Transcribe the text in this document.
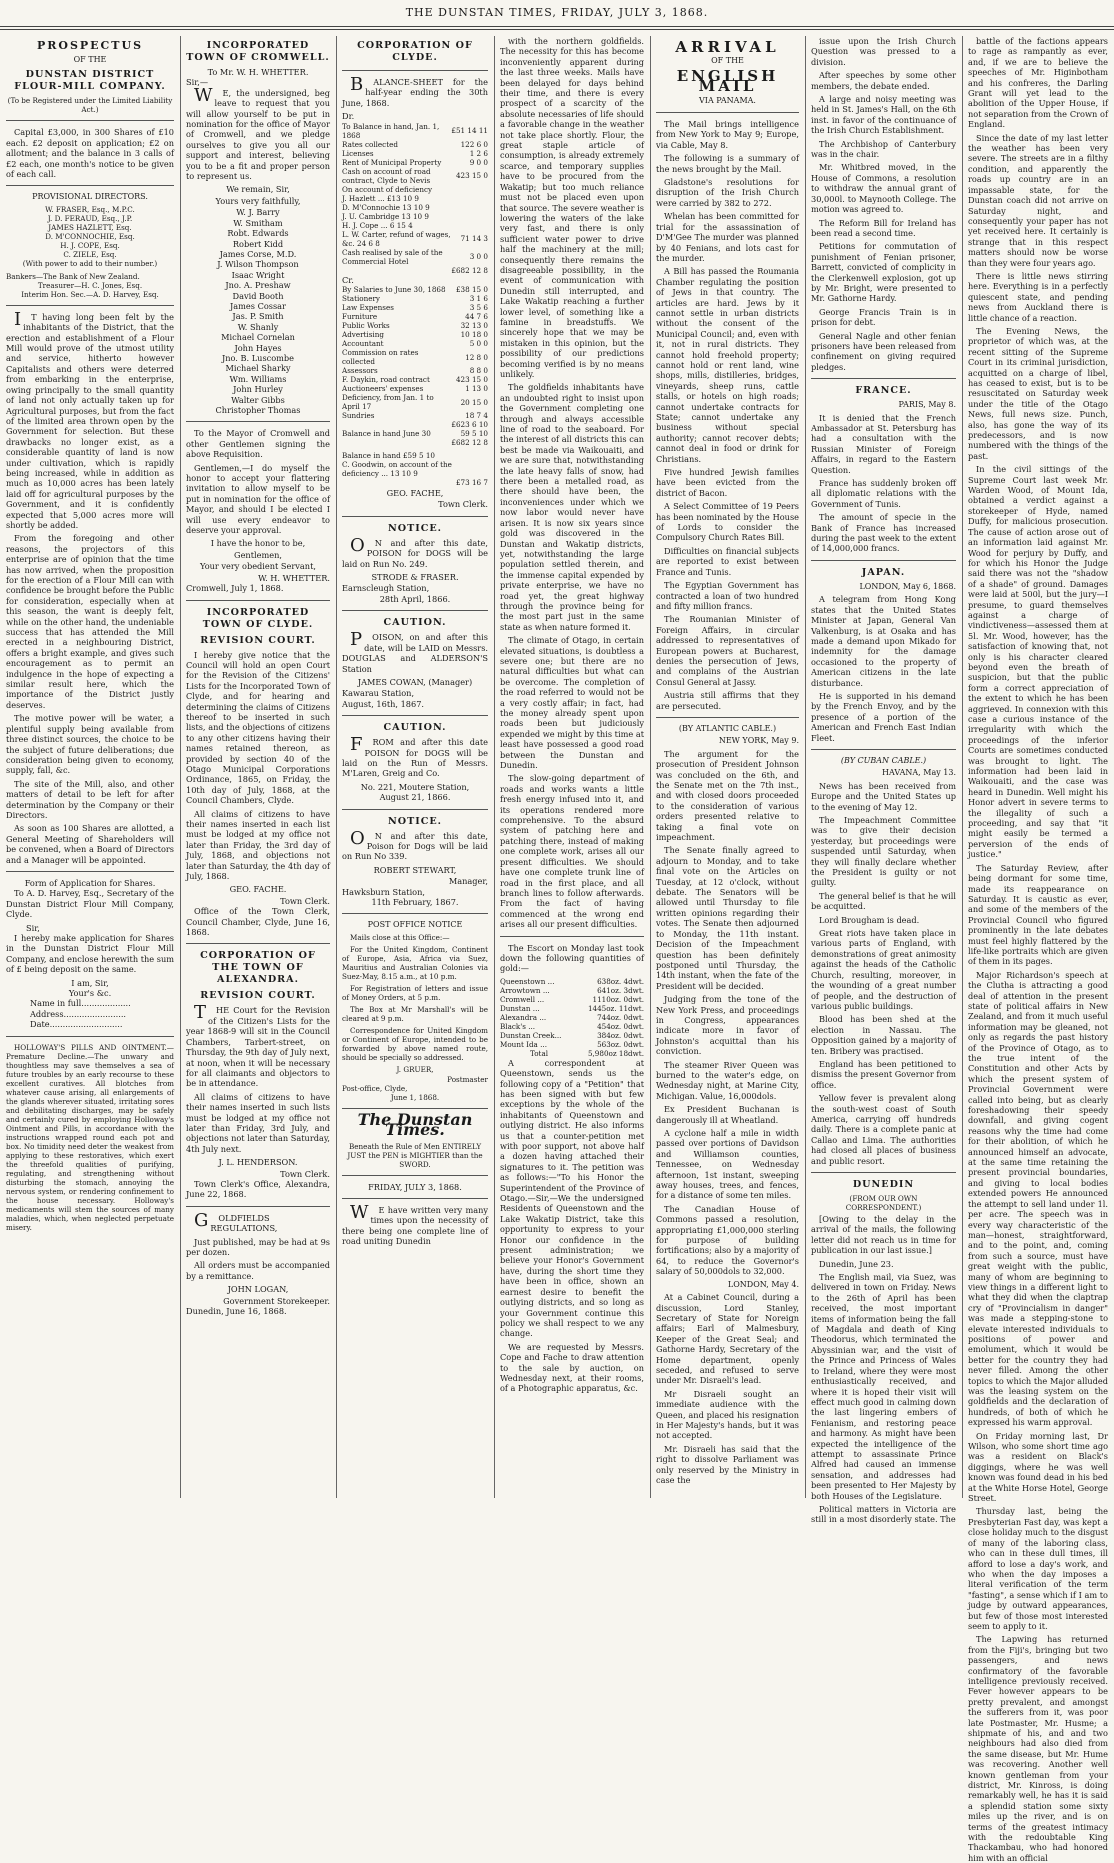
THE DUNSTAN TIMES, FRIDAY, JULY 3, 1868.
PROSPECTUS
OF THE
DUNSTAN DISTRICT FLOUR-MILL COMPANY.
(To be Registered under the Limited Liability Act.)

Capital £3,000, in 300 Shares of £10 each. £2 deposit on application; £2 on allotment; and the balance in 3 calls of £2 each, one month's notice to be given of each call.

PROVISIONAL DIRECTORS.
W. FRASER, Esq., M.P.C.
J. D. FERAUD, Esq., J.P.
JAMES HAZLETT, Esq.
D. M'CONNOCHIE, Esq.
H. J. COPE, Esq.
C. ZIELE, Esq.
(With power to add to their number.)
Bankers—The Bank of New Zealand.
Treasurer—H. C. Jones, Esq.
Interim Hon. Sec.—A. D. Harvey, Esq.

IT having long been felt by the inhabitants of the District, that the erection and establishment of a Flour Mill would prove of the utmost utility and service, hitherto however Capitalists and others were deterred from embarking in the enterprise, owing principally to the small quantity of land not only actually taken up for Agricultural purposes, but from the fact of the limited area thrown open by the Government for selection. But these drawbacks no longer exist, as a considerable quantity of land is now under cultivation, which is rapidly being increased, while in addition as much as 10,000 acres has been lately laid off for agricultural purposes by the Government, and it is confidently expected that 5,000 acres more will shortly be added.

From the foregoing and other reasons, the projectors of this enterprise are of opinion that the time has now arrived, when the proposition for the erection of a Flour Mill can with confidence be brought before the Public for consideration, especially when at this season, the want is deeply felt, while on the other hand, the undeniable success that has attended the Mill erected in a neighbouring District, offers a bright example, and gives such encouragement as to permit an indulgence in the hope of expecting a similar result here, which the importance of the District justly deserves.

The motive power will be water, a plentiful supply being available from three distinct sources, the choice to be the subject of future deliberations; due consideration being given to economy, supply, fall, &c.

The site of the Mill, also, and other matters of detail to be left for after determination by the Company or their Directors.

As soon as 100 Shares are allotted, a General Meeting of Shareholders will be convened, when a Board of Directors and a Manager will be appointed.

Form of Application for Shares.

To A. D. Harvey, Esq., Secretary of the Dunstan District Flour Mill Company, Clyde.

Sir,

I hereby make application for Shares in the Dunstan District Flour Mill Company, and enclose herewith the sum of £ being deposit on the same.

I am, Sir,
Your's &c.
Name in full...................
Address........................
Date............................

HOLLOWAY'S PILLS AND OINTMENT.—Premature Decline.—The unwary and thoughtless may save themselves a sea of future troubles by an early recourse to these excellent curatives. All blotches from whatever cause arising, all enlargements of the glands wherever situated, irritating sores and debilitating discharges, may be safely and certainly cured by employing Holloway's Ointment and Pills, in accordance with the instructions wrapped round each pot and box. No timidity need deter the weakest from applying to these restoratives, which exert the threefold qualities of purifying, regulating, and strengthening without disturbing the stomach, annoying the nervous system, or rendering confinement to the house necessary. Holloway's medicaments will stem the sources of many maladies, which, when neglected perpetuate misery.

INCORPORATED TOWN OF CROMWELL.
To Mr. W. H. WHETTER.
Sir,—

WE, the undersigned, beg leave to request that you will allow yourself to be put in nomination for the office of Mayor of Cromwell, and we pledge ourselves to give you all our support and interest, believing you to be a fit and proper person to represent us.

We remain, Sir,
Yours very faithfully,
W. J. Barry
W. Smitham
Robt. Edwards
Robert Kidd
James Corse, M.D.
J. Wilson Thompson
Isaac Wright
Jno. A. Preshaw
David Booth
James Cossar
Jas. P. Smith
W. Shanly
Michael Cornelan
John Hayes
Jno. B. Luscombe
Michael Sharky
Wm. Williams
John Hurley
Walter Gibbs
Christopher Thomas

To the Mayor of Cromwell and other Gentlemen signing the above Requisition.

Gentlemen,—I do myself the honor to accept your flattering invitation to allow myself to be put in nomination for the office of Mayor, and should I be elected I will use every endeavor to deserve your approval.

I have the honor to be,
Gentlemen,
Your very obedient Servant,
W. H. WHETTER.
Cromwell, July 1, 1868.
INCORPORATED TOWN OF CLYDE.
REVISION COURT.

I hereby give notice that the Council will hold an open Court for the Revision of the Citizens' Lists for the Incorporated Town of Clyde, and for hearing and determining the claims of Citizens thereof to be inserted in such lists, and the objections of citizens to any other citizens having their names retained thereon, as provided by section 40 of the Otago Municipal Corporations Ordinance, 1865, on Friday, the 10th day of July, 1868, at the Council Chambers, Clyde.

All claims of citizens to have their names inserted in each list must be lodged at my office not later than Friday, the 3rd day of July, 1868, and objections not later than Saturday, the 4th day of July, 1868.

GEO. FACHE.
Town Clerk.

Office of the Town Clerk, Council Chamber, Clyde, June 16, 1868.

CORPORATION OF THE TOWN OF ALEXANDRA.
REVISION COURT.

THE Court for the Revision of the Citizen's Lists for the year 1868-9 will sit in the Council Chambers, Tarbert-street, on Thursday, the 9th day of July next, at noon, when it will be necessary for all claimants and objectors to be in attendance.

All claims of citizens to have their names inserted in such lists must be lodged at my office not later than Friday, 3rd July, and objections not later than Saturday, 4th July next.

J. L. HENDERSON.
Town Clerk.

Town Clerk's Office, Alexandra, June 22, 1868.

GOLDFIELDS REGULATIONS,

Just published, may be had at 9s per dozen.

All orders must be accompanied by a remittance.

JOHN LOGAN,
Government Storekeeper.
Dunedin, June 16, 1868.
CORPORATION OF CLYDE.

BALANCE-SHEET for the half-year ending the 30th June, 1868.

Dr.
To Balance in hand, Jan. 1, 1868	£51 14 11
Rates collected	122 6 0
Licenses	1 2 6
Rent of Municipal Property	9 0 0
Cash on account of road contract, Clyde to Nevis	423 15 0
On account of deficiency	
J. Hazlett ... £13 10 9	
D. M'Connochie 13 10 9	
J. U. Cambridge 13 10 9	
H. J. Cope ... 6 15 4	
L. W. Carter, refund of wages, &c. 24 6 8	71 14 3
Cash realised by sale of the Commercial Hotel	3 0 0
	£682 12 8
Cr.
By Salaries to June 30, 1868	£38 15 0
Stationery	3 1 6
Law Expenses	3 5 6
Furniture	44 7 6
Public Works	32 13 0
Advertising	10 18 0
Accountant	5 0 0
Commission on rates collected	12 8 0
Assessors	8 8 0
F. Daykin, road contract	423 15 0
Auctioneers' expenses	1 13 0
Deficiency, from Jan. 1 to April 17	20 15 0
Sundries	18 7 4
	£623 6 10
Balance in hand June 30	59 5 10
	£682 12 8
Balance in hand £59 5 10	
C. Goodwin, on account of the deficiency ... 13 10 9	
	£73 16 7
GEO. FACHE,
Town Clerk.
NOTICE.

ON and after this date, POISON for DOGS will be laid on Run No. 249.

STRODE & FRASER.
Earnscleugh Station,
28th April, 1866.
CAUTION.

POISON, on and after this date, will be LAID on Messrs. DOUGLAS and ALDERSON'S Station

JAMES COWAN, (Manager)
Kawarau Station,
August, 16th, 1867.
CAUTION.

FROM and after this date POISON for DOGS will be laid on the Run of Messrs. M'Laren, Greig and Co.

No. 221, Moutere Station,
August 21, 1866.
NOTICE.

ON and after this date, Poison for Dogs will be laid on Run No 339.

ROBERT STEWART,
Manager,
Hawksburn Station,
11th February, 1867.
POST OFFICE NOTICE

Mails close at this Office:—

For the United Kingdom, Continent of Europe, Asia, Africa via Suez, Mauritius and Australian Colonies via Suez-May, 8.15 a.m., at 10 p.m.

For Registration of letters and issue of Money Orders, at 5 p.m.

The Box at Mr Marshall's will be cleared at 9 p.m.

Correspondence for United Kingdom or Continent of Europe, intended to be forwarded by above named route, should be specially so addressed.

J. GRUER,
Postmaster
Post-office, Clyde,
June 1, 1868.
The Dunstan Times.
Beneath the Rule of Men ENTIRELY JUST the PEN is MIGHTIER than the SWORD.
FRIDAY, JULY 3, 1868.

WE have written very many times upon the necessity of there being one complete line of road uniting Dunedin

with the northern goldfields. The necessity for this has become inconveniently apparent during the last three weeks. Mails have been delayed for days behind their time, and there is every prospect of a scarcity of the absolute necessaries of life should a favorable change in the weather not take place shortly. Flour, the great staple article of consumption, is already extremely scarce, and temporary supplies have to be procured from the Wakatip; but too much reliance must not be placed even upon that source. The severe weather is lowering the waters of the lake very fast, and there is only sufficient water power to drive half the machinery at the mill; consequently there remains the disagreeable possibility, in the event of communication with Dunedin still interrupted, and Lake Wakatip reaching a further lower level, of something like a famine in breadstuffs. We sincerely hope that we may be mistaken in this opinion, but the possibility of our predictions becoming verified is by no means unlikely.

The goldfields inhabitants have an undoubted right to insist upon the Government completing one through and always accessible line of road to the seaboard. For the interest of all districts this can best be made via Waikouaiti, and we are sure that, notwithstanding the late heavy falls of snow, had there been a metalled road, as there should have been, the inconveniences under which we now labor would never have arisen. It is now six years since gold was discovered in the Dunstan and Wakatip districts, yet, notwithstanding the large population settled therein, and the immense capital expended by private enterprise, we have no road yet, the great highway through the province being for the most part just in the same state as when nature formed it.

The climate of Otago, in certain elevated situations, is doubtless a severe one; but there are no natural difficulties but what can be overcome. The completion of the road referred to would not be a very costly affair; in fact, had the money already spent upon roads been but judiciously expended we might by this time at least have possessed a good road between the Dunstan and Dunedin.

The slow-going department of roads and works wants a little fresh energy infused into it, and its operations rendered more comprehensive. To the absurd system of patching here and patching there, instead of making one complete work, arises all our present difficulties. We should have one complete trunk line of road in the first place, and all branch lines to follow afterwards. From the fact of having commenced at the wrong end arises all our present difficulties.

The Escort on Monday last took down the following quantities of gold:—

Queenstown ...	638oz. 4dwt.
Arrowtown ...	641oz. 3dwt.
Cromwell ...	1110oz. 0dwt.
Dunstan ...	1445oz. 11dwt.
Alexandra ...	744oz. 0dwt.
Black's ...	454oz. 0dwt.
Dunstan Creek...	384oz. 0dwt.
Mount Ida ...	563oz. 0dwt.
Total	5,980oz 18dwt.

A correspondent at Queenstown, sends us the following copy of a "Petition" that has been signed with but few exceptions by the whole of the inhabitants of Queenstown and outlying district. He also informs us that a counter-petition met with poor support, not above half a dozen having attached their signatures to it. The petition was as follows:—"To his Honor the Superintendent of the Province of Otago.—Sir,—We the undersigned Residents of Queenstown and the Lake Wakatip District, take this opportunity to express to your Honor our confidence in the present administration; we believe your Honor's Government have, during the short time they have been in office, shown an earnest desire to benefit the outlying districts, and so long as your Government continue this policy we shall respect to we any change.

We are requested by Messrs. Cope and Fache to draw attention to the sale by auction, on Wednesday next, at their rooms, of a Photographic apparatus, &c.

ARRIVAL
OF THE
ENGLISH MAIL
VIA PANAMA.

The Mail brings intelligence from New York to May 9; Europe, via Cable, May 8.

The following is a summary of the news brought by the Mail.

Gladstone's resolutions for disruption of the Irish Church were carried by 382 to 272.

Whelan has been committed for trial for the assassination of D'M'Gee The murder was planned by 40 Fenians, and lots cast for the murder.

A Bill has passed the Roumania Chamber regulating the position of Jews in that country. The articles are hard. Jews by it cannot settle in urban districts without the consent of the Municipal Council; and, even with it, not in rural districts. They cannot hold freehold property; cannot hold or rent land, wine shops, mills, distilleries, bridges, vineyards, sheep runs, cattle stalls, or hotels on high roads; cannot undertake contracts for State; cannot undertake any business without special authority; cannot recover debts; cannot deal in food or drink for Christians.

Five hundred Jewish families have been evicted from the district of Bacon.

A Select Committee of 19 Peers has been nominated by the House of Lords to consider the Compulsory Church Rates Bill.

Difficulties on financial subjects are reported to exist between France and Tunis.

The Egyptian Government has contracted a loan of two hundred and fifty million francs.

The Roumanian Minister of Foreign Affairs, in circular addressed to representatives of European powers at Bucharest, denies the persecution of Jews, and complains of the Austrian Consul General at Jassy.

Austria still affirms that they are persecuted.

(BY ATLANTIC CABLE.)
NEW YORK, May 9.

The argument for the prosecution of President Johnson was concluded on the 6th, and the Senate met on the 7th inst., and with closed doors proceeded to the consideration of various orders presented relative to taking a final vote on impeachment.

The Senate finally agreed to adjourn to Monday, and to take final vote on the Articles on Tuesday, at 12 o'clock, without debate. The Senators will be allowed until Thursday to file written opinions regarding their votes. The Senate then adjourned to Monday, the 11th instant. Decision of the Impeachment question has been definitely postponed until Thursday, the 14th instant, when the fate of the President will be decided.

Judging from the tone of the New York Press, and proceedings in Congress, appearances indicate more in favor of Johnston's acquittal than his conviction.

The steamer River Queen was burned to the water's edge, on Wednesday night, at Marine City, Michigan. Value, 16,000dols.

Ex President Buchanan is dangerously ill at Wheatland.

A cyclone half a mile in width passed over portions of Davidson and Williamson counties, Tennessee, on Wednesday afternoon, 1st instant, sweeping away houses, trees, and fences, for a distance of some ten miles.

The Canadian House of Commons passed a resolution, appropriating £1,000,000 sterling for purpose of building fortifications; also by a majority of 64, to reduce the Governor's salary of 50,000dols to 32,000.

LONDON, May 4.

At a Cabinet Council, during a discussion, Lord Stanley, Secretary of State for Noreign affairs; Earl of Malmesbury, Keeper of the Great Seal; and Gathorne Hardy, Secretary of the Home department, openly seceded, and refused to serve under Mr. Disraeli's lead.

Mr Disraeli sought an immediate audience with the Queen, and placed his resignation in Her Majesty's hands, but it was not accepted.

Mr. Disraeli has said that the right to dissolve Parliament was only reserved by the Ministry in case the

issue upon the Irish Church Question was pressed to a division.

After speeches by some other members, the debate ended.

A large and noisy meeting was held in St. James's Hall, on the 6th inst. in favor of the continuance of the Irish Church Establishment.

The Archbishop of Canterbury was in the chair.

Mr. Whitbred moved, in the House of Commons, a resolution to withdraw the annual grant of 30,000l. to Maynooth College. The motion was agreed to.

The Reform Bill for Ireland has been read a second time.

Petitions for commutation of punishment of Fenian prisoner, Barrett, convicted of complicity in the Clerkenwell explosion, got up by Mr. Bright, were presented to Mr. Gathorne Hardy.

George Francis Train is in prison for debt.

General Nagle and other fenian prisoners have been released from confinement on giving required pledges.

FRANCE.
PARIS, May 8.

It is denied that the French Ambassador at St. Petersburg has had a consultation with the Russian Minister of Foreign Affairs, in regard to the Eastern Question.

France has suddenly broken off all diplomatic relations with the Government of Tunis.

The amount of specie in the Bank of France has increased during the past week to the extent of 14,000,000 francs.

JAPAN.
LONDON, May 6, 1868.

A telegram from Hong Kong states that the United States Minister at Japan, General Van Valkenburg, is at Osaka and has made a demand upon Mikado for indemnity for the damage occasioned to the property of American citizens in the late disturbance.

He is supported in his demand by the French Envoy, and by the presence of a portion of the American and French East Indian Fleet.

(BY CUBAN CABLE.)
HAVANA, May 13.

News has been received from Europe and the United States up to the evening of May 12.

The Impeachment Committee was to give their decision yesterday, but proceedings were suspended until Saturday, when they will finally declare whether the President is guilty or not guilty.

The general belief is that he will be acquitted.

Lord Brougham is dead.

Great riots have taken place in various parts of England, with demonstrations of great animosity against the heads of the Catholic Church, resulting, moreover, in the wounding of a great number of people, and the destruction of various public buildings.

Blood has been shed at the election in Nassau. The Opposition gained by a majority of ten. Bribery was practised.

England has been petitioned to dismiss the present Governor from office.

Yellow fever is prevalent along the south-west coast of South America, carrying off hundreds daily. There is a complete panic at Callao and Lima. The authorities had closed all places of business and public resort.

DUNEDIN
(FROM OUR OWN CORRESPONDENT.)

[Owing to the delay in the arrival of the mails, the following letter did not reach us in time for publication in our last issue.]

Dunedin, June 23.

The English mail, via Suez, was delivered in town on Friday. News to the 26th of April has been received, the most important items of information being the fall of Magdala and death of King Theodorus, which terminated the Abyssinian war, and the visit of the Prince and Princess of Wales to Ireland, where they were most enthusiastically received, and where it is hoped their visit will effect much good in calming down the last lingering embers of Fenianism, and restoring peace and harmony. As might have been expected the intelligence of the attempt to assassinate Prince Alfred had caused an immense sensation, and addresses had been presented to Her Majesty by both Houses of the Legislature.

Political matters in Victoria are still in a most disorderly state. The

battle of the factions appears to rage as rampantly as ever, and, if we are to believe the speeches of Mr. Higinbotham and his confreres, the Darling Grant will yet lead to the abolition of the Upper House, if not separation from the Crown of England.

Since the date of my last letter the weather has been very severe. The streets are in a filthy condition, and apparently the roads up country are in an impassable state, for the Dunstan coach did not arrive on Saturday night, and consequently your paper has not yet received here. It certainly is strange that in this respect matters should now be worse than they were four years ago.

There is little news stirring here. Everything is in a perfectly quiescent state, and pending news from Auckland there is little chance of a reaction.

The Evening News, the proprietor of which was, at the recent sitting of the Supreme Court in its criminal jurisdiction, acquitted on a charge of libel, has ceased to exist, but is to be resuscitated on Saturday week under the title of the Otago News, full news size. Punch, also, has gone the way of its predecessors, and is now numbered with the things of the past.

In the civil sittings of the Supreme Court last week Mr. Warden Wood, of Mount Ida, obtained a verdict against a storekeeper of Hyde, named Duffy, for malicious prosecution. The cause of action arose out of an information laid against Mr. Wood for perjury by Duffy, and for which his Honor the Judge said there was not the "shadow of a shade" of ground. Damages were laid at 500l, but the jury—I presume, to guard themselves against a charge of vindictiveness—assessed them at 5l. Mr. Wood, however, has the satisfaction of knowing that, not only is his character cleared beyond even the breath of suspicion, but that the public form a correct appreciation of the extent to which he has been aggrieved. In connexion with this case a curious instance of the irregularity with which the proceedings of the inferior Courts are sometimes conducted was brought to light. The information had been laid in Waikouaiti, and the case was heard in Dunedin. Well might his Honor advert in severe terms to the illegality of such a proceeding, and say that "it might easily be termed a perversion of the ends of justice."

The Saturday Review, after being dormant for some time, made its reappearance on Saturday. It is caustic as ever, and some of the members of the Provincial Council who figured prominently in the late debates must feel highly flattered by the life-like portraits which are given of them in its pages.

Major Richardson's speech at the Clutha is attracting a good deal of attention in the present state of political affairs in New Zealand, and from it much useful information may be gleaned, not only as regards the past history of the Province of Otago, as to the true intent of the Constitution and other Acts by which the present system of Provincial Government were called into being, but as clearly foreshadowing their speedy downfall, and giving cogent reasons why the time had come for their abolition, of which he announced himself an advocate, at the same time retaining the present provincial boundaries, and giving to local bodies extended powers He announced the attempt to sell land under 1l. per acre. The speech was in every way characteristic of the man—honest, straightforward, and to the point, and, coming from such a source, must have great weight with the public, many of whom are beginning to view things in a different light to what they did when the claptrap cry of "Provincialism in danger" was made a stepping-stone to elevate interested individuals to positions of power and emolument, which it would be better for the country they had never filled. Among the other topics to which the Major alluded was the leasing system on the goldfields and the declaration of hundreds, of both of which he expressed his warm approval.

On Friday morning last, Dr Wilson, who some short time ago was a resident on Black's diggings, where he was well known was found dead in his bed at the White Horse Hotel, George Street.

Thursday last, being the Presbyterian Fast day, was kept a close holiday much to the disgust of many of the laboring class, who can in these dull times, ill afford to lose a day's work, and who when the day imposes a literal verification of the term "fasting", a sense which if I am to judge by outward appearances, but few of those most interested seem to apply to it.

The Lapwing has returned from the Fiji's, bringing but two passengers, and news confirmatory of the favorable intelligence previously received. Fever however appears to be pretty prevalent, and amongst the sufferers from it, was poor late Postmaster, Mr. Husme; a shipmate of his, and and two neighbours had also died from the same disease, but Mr. Hume was recovering. Another well known gentleman from your district, Mr. Kinross, is doing remarkably well, he has it is said a splendid station some sixty miles up the river, and is on terms of the greatest intimacy with the redoubtable King Thackambau, who had honored him with an official
